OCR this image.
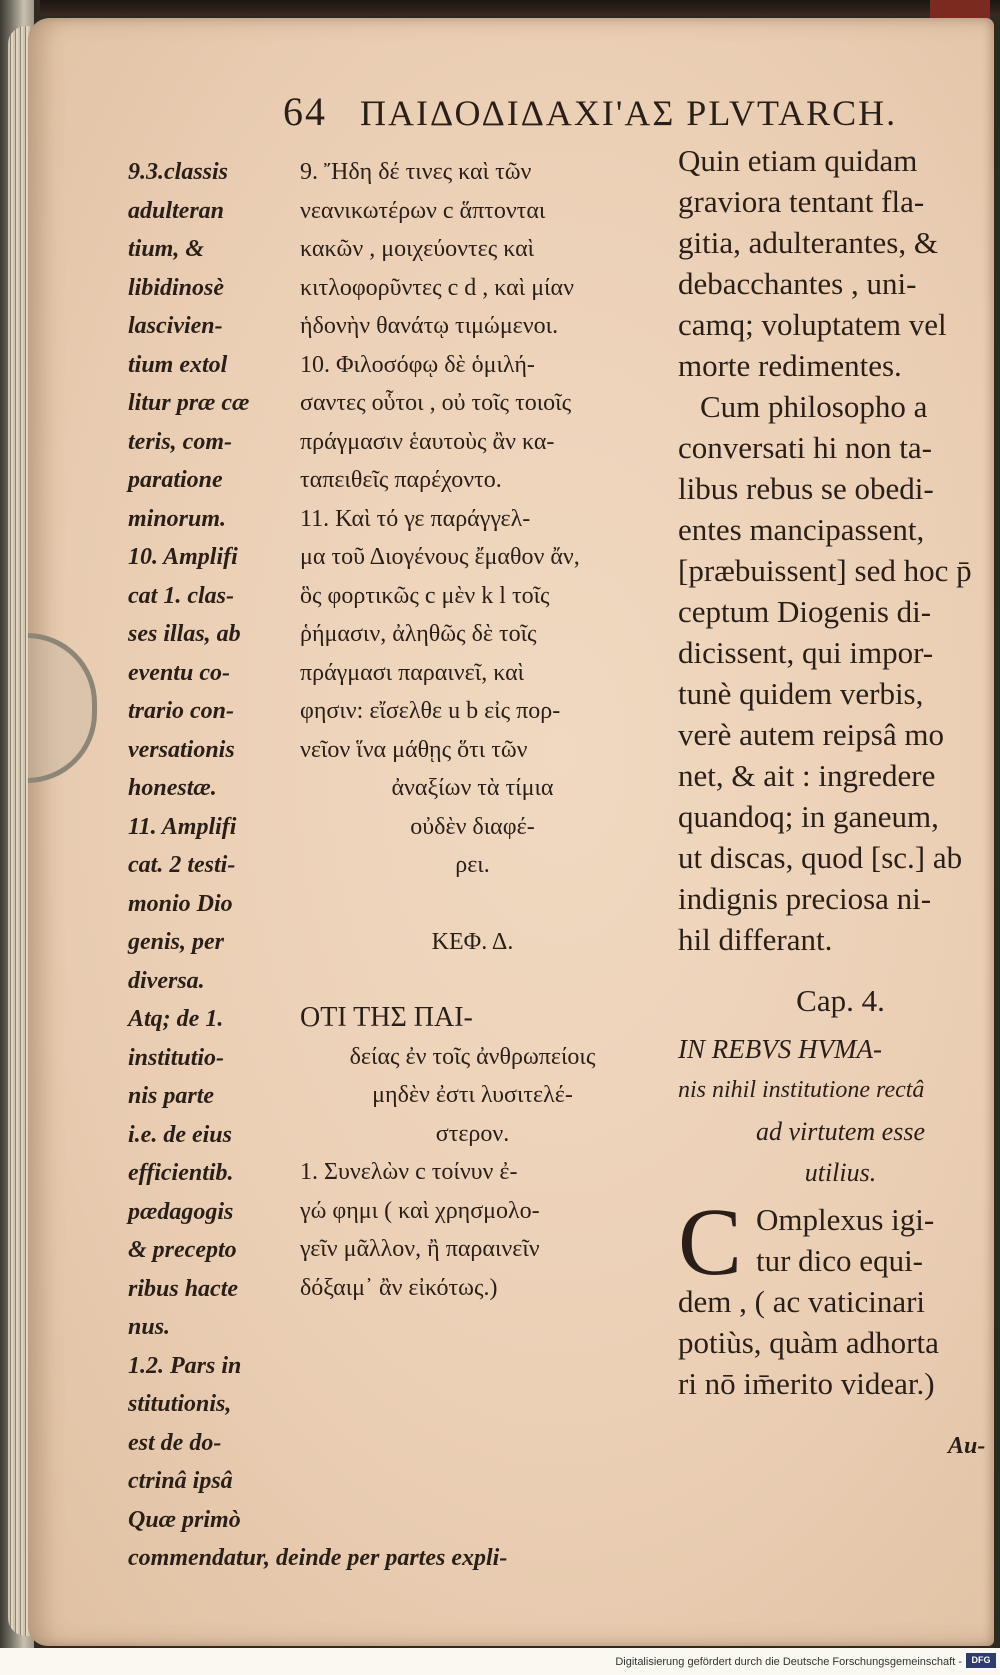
64 ΠΑΙΔΟΔΙΔΑΧΙ'ΑΣ PLVTARCH.
9.3.classis
adulteran
tium, &
libidinosè
lascivien-
tium extol
litur præ cæ
teris, com-
paratione
minorum.
10. Amplifi
cat 1. clas-
ses illas, ab
eventu co-
trario con-
versationis
honestæ.
11. Amplifi
cat. 2 testi-
monio Dio
genis, per
diversa.
Atq; de 1.
institutio-
nis parte
i.e. de eius
efficientib.
pædagogis
& precepto
ribus hacte
nus.
1.2. Pars in
stitutionis,
est de do-
ctrinâ ipsâ
Quæ primò
commendatur, deinde per partes expli-
9. Ἤδη δέ τινες καὶ τῶν
νεανικωτέρων c ἅπτονται
κακῶν , μοιχεύοντες καὶ
κιτλοφορῦντες c d , καὶ μίαν
ἡδονὴν θανάτῳ τιμώμενοι.
10. Φιλοσόφῳ δὲ ὁμιλή-
σαντες οὗτοι , οὐ τοῖς τοιοῖς
πράγμασιν ἑαυτοὺς ἂν κα-
ταπειθεῖς παρέχοντο.
11. Καὶ τό γε παράγγελ-
μα τοῦ Διογένους ἔμαθον ἄν,
ὃς φορτικῶς c μὲν k l τοῖς
ῥήμασιν, ἀληθῶς δὲ τοῖς
πράγμασι παραινεῖ, καὶ
φησιν: εἴσελθε u b εἰς πορ-
νεῖον ἵνα μάθῃς ὅτι τῶν
ἀναξίων τὰ τίμια
οὐδὲν διαφέ-
ρει.
ΚΕΦ. Δ.
ΟΤΙ ΤΗΣ ΠΑΙ-
δείας ἐν τοῖς ἀνθρωπείοις
μηδὲν ἐστι λυσιτελέ-
στερον.
1. Συνελὼν c τοίνυν ἐ-
γώ φημι ( καὶ χρησμολο-
γεῖν μᾶλλον, ἢ παραινεῖν
δόξαιμ᾽ ἂν εἰκότως.)
Quin etiam quidam
graviora tentant fla-
gitia, adulterantes, &
debacchantes , uni-
camq; voluptatem vel
morte redimentes.
Cum philosopho a
conversati hi non ta-
libus rebus se obedi-
entes mancipassent,
[præbuissent] sed hoc p̄
ceptum Diogenis di-
dicissent, qui impor-
tunè quidem verbis,
verè autem reipsâ mo
net, & ait : ingredere
quandoq; in ganeum,
ut discas, quod [sc.] ab
indignis preciosa ni-
hil differant.
Cap. 4.
IN REBVS HVMA-
nis nihil institutione rectâ
ad virtutem esse
utilius.
C Omplexus igi-
tur dico equi-
dem , ( ac vaticinari
potiùs, quàm adhorta
ri nō im̄erito videar.)
Au-
Digitalisierung gefördert durch die Deutsche Forschungsgemeinschaft -	DFG
